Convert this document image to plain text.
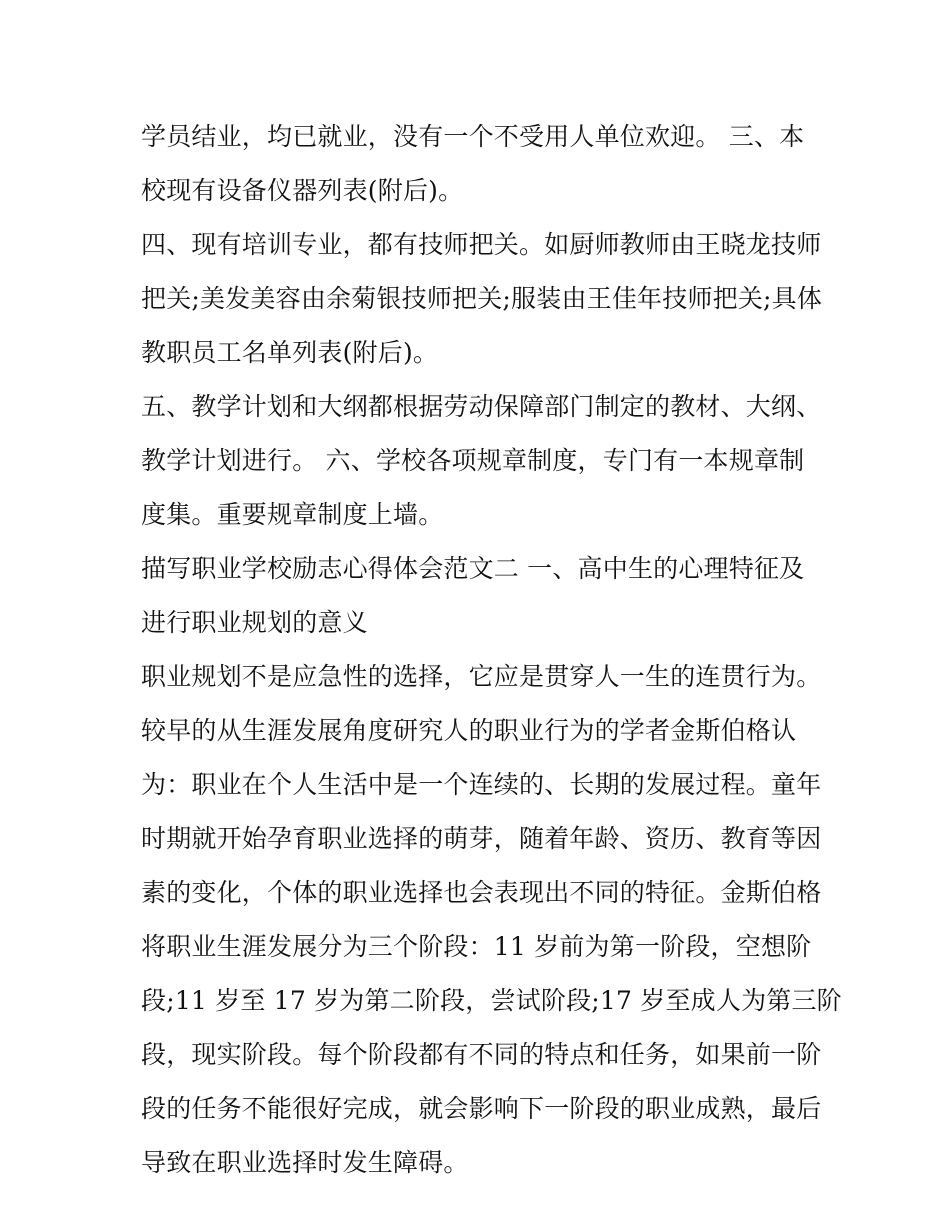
学员结业，均已就业，没有一个不受用人单位欢迎。 三、本
校现有设备仪器列表(附后)。
四、现有培训专业，都有技师把关。如厨师教师由王晓龙技师
把关;美发美容由余菊银技师把关;服装由王佳年技师把关;具体
教职员工名单列表(附后)。
五、教学计划和大纲都根据劳动保障部门制定的教材、大纲、
教学计划进行。 六、学校各项规章制度，专门有一本规章制
度集。重要规章制度上墙。
描写职业学校励志心得体会范文二 一、高中生的心理特征及
进行职业规划的意义
职业规划不是应急性的选择，它应是贯穿人一生的连贯行为。
较早的从生涯发展角度研究人的职业行为的学者金斯伯格认
为：职业在个人生活中是一个连续的、长期的发展过程。童年
时期就开始孕育职业选择的萌芽，随着年龄、资历、教育等因
素的变化，个体的职业选择也会表现出不同的特征。金斯伯格
将职业生涯发展分为三个阶段：11 岁前为第一阶段，空想阶
段;11 岁至 17 岁为第二阶段，尝试阶段;17 岁至成人为第三阶
段，现实阶段。每个阶段都有不同的特点和任务，如果前一阶
段的任务不能很好完成，就会影响下一阶段的职业成熟，最后
导致在职业选择时发生障碍。
